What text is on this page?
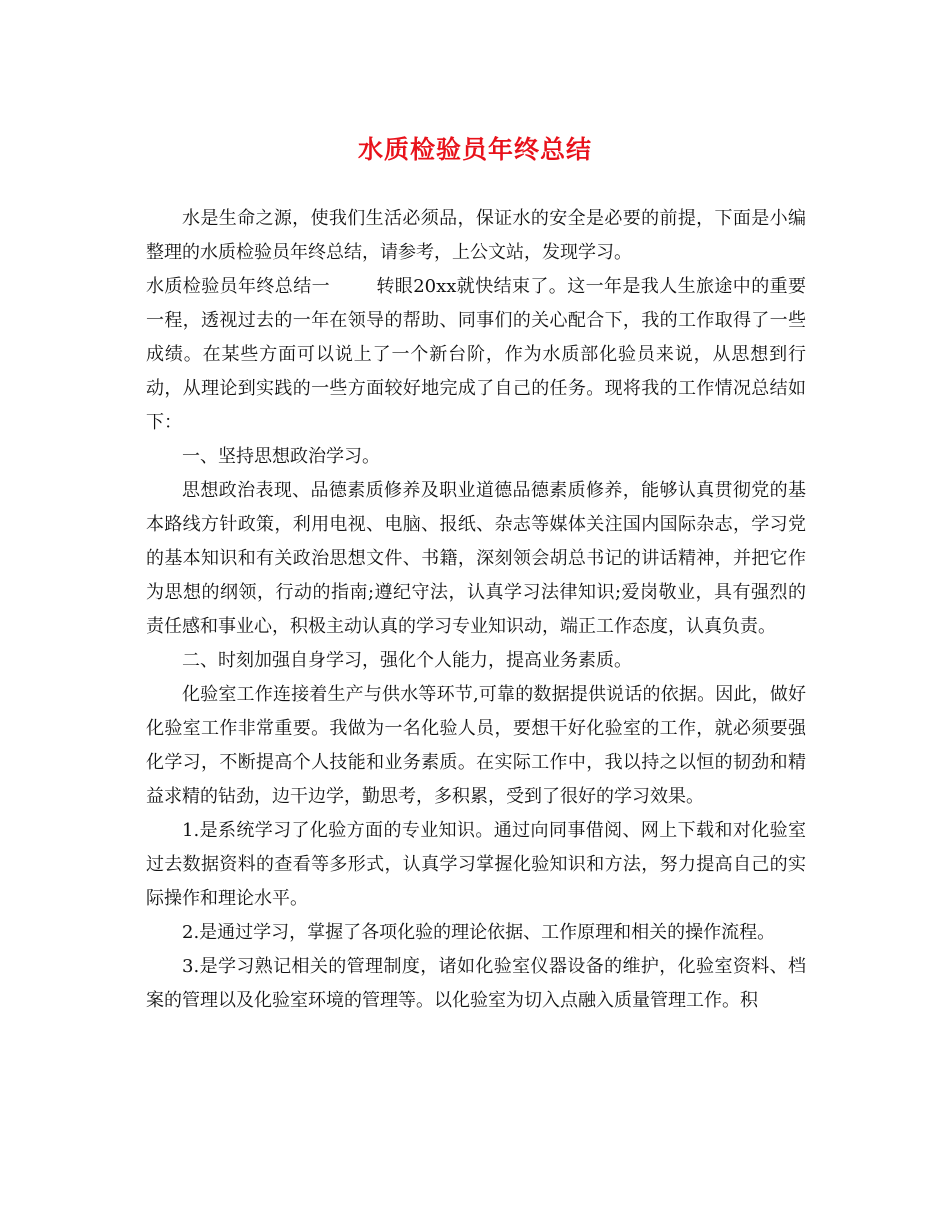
水质检验员年终总结

水是生命之源，使我们生活必须品，保证水的安全是必要的前提，下面是小编整理的水质检验员年终总结，请参考，上公文站，发现学习。

水质检验员年终总结一	转眼20xx就快结束了。这一年是我人生旅途中的重要一程，透视过去的一年在领导的帮助、同事们的关心配合下，我的工作取得了一些成绩。在某些方面可以说上了一个新台阶，作为水质部化验员来说，从思想到行动，从理论到实践的一些方面较好地完成了自己的任务。现将我的工作情况总结如下：

一、坚持思想政治学习。

思想政治表现、品德素质修养及职业道德品德素质修养，能够认真贯彻党的基本路线方针政策，利用电视、电脑、报纸、杂志等媒体关注国内国际杂志，学习党的基本知识和有关政治思想文件、书籍，深刻领会胡总书记的讲话精神，并把它作为思想的纲领，行动的指南;遵纪守法，认真学习法律知识;爱岗敬业，具有强烈的责任感和事业心，积极主动认真的学习专业知识动，端正工作态度，认真负责。

二、时刻加强自身学习，强化个人能力，提高业务素质。

化验室工作连接着生产与供水等环节,可靠的数据提供说话的依据。因此，做好化验室工作非常重要。我做为一名化验人员，要想干好化验室的工作，就必须要强化学习，不断提高个人技能和业务素质。在实际工作中，我以持之以恒的韧劲和精益求精的钻劲，边干边学，勤思考，多积累，受到了很好的学习效果。

1.是系统学习了化验方面的专业知识。通过向同事借阅、网上下载和对化验室过去数据资料的查看等多形式，认真学习掌握化验知识和方法，努力提高自己的实际操作和理论水平。

2.是通过学习，掌握了各项化验的理论依据、工作原理和相关的操作流程。

3.是学习熟记相关的管理制度，诸如化验室仪器设备的维护，化验室资料、档案的管理以及化验室环境的管理等。以化验室为切入点融入质量管理工作。积
